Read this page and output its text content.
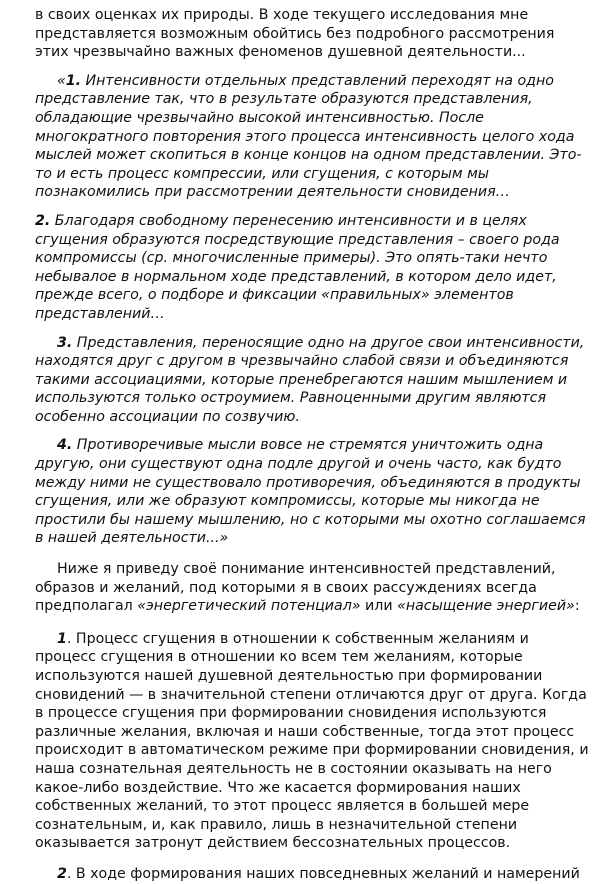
в своих оценках их природы. В ходе текущего исследования мне представляется возможным обойтись без подробного рассмотрения этих чрезвычайно важных феноменов душевной деятельности...

«1. Интенсивности отдельных представлений переходят на одно представление так, что в результате образуются представления, обладающие чрезвычайно высокой интенсивностью. После многократного повторения этого процесса интенсивность целого хода мыслей может скопиться в конце концов на одном представлении. Это-то и есть процесс компрессии, или сгущения, с которым мы познакомились при рассмотрении деятельности сновидения…

2. Благодаря свободному перенесению интенсивности и в целях сгущения образуются посредствующие представления – своего рода компромиссы (ср. многочисленные примеры). Это опять-таки нечто небывалое в нормальном ходе представлений, в котором дело идет, прежде всего, о подборе и фиксации «правильных» элементов представлений…

3. Представления, переносящие одно на другое свои интенсивности, находятся друг с другом в чрезвычайно слабой связи и объединяются такими ассоциациями, которые пренебрегаются нашим мышлением и используются только остроумием. Равноценными другим являются особенно ассоциации по созвучию.

4. Противоречивые мысли вовсе не стремятся уничтожить одна другую, они существуют одна подле другой и очень часто, как будто между ними не существовало противоречия, объединяются в продукты сгущения, или же образуют компромиссы, которые мы никогда не простили бы нашему мышлению, но с которыми мы охотно соглашаемся в нашей деятельности...»

Ниже я приведу своё понимание интенсивностей представлений, образов и желаний, под которыми я в своих рассуждениях всегда предполагал «энергетический потенциал» или «насыщение энергией»:

1. Процесс сгущения в отношении к собственным желаниям и процесс сгущения в отношении ко всем тем желаниям, которые используются нашей душевной деятельностью при формировании сновидений — в значительной степени отличаются друг от друга. Когда в процессе сгущения при формировании сновидения используются различные желания, включая и наши собственные, тогда этот процесс происходит в автоматическом режиме при формировании сновидения, и наша сознательная деятельность не в состоянии оказывать на него какое-либо воздействие. Что же касается формирования наших собственных желаний, то этот процесс является в большей мере сознательным, и, как правило, лишь в незначительной степени оказывается затронут действием бессознательных процессов.

2. В ходе формирования наших повседневных желаний и намерений
